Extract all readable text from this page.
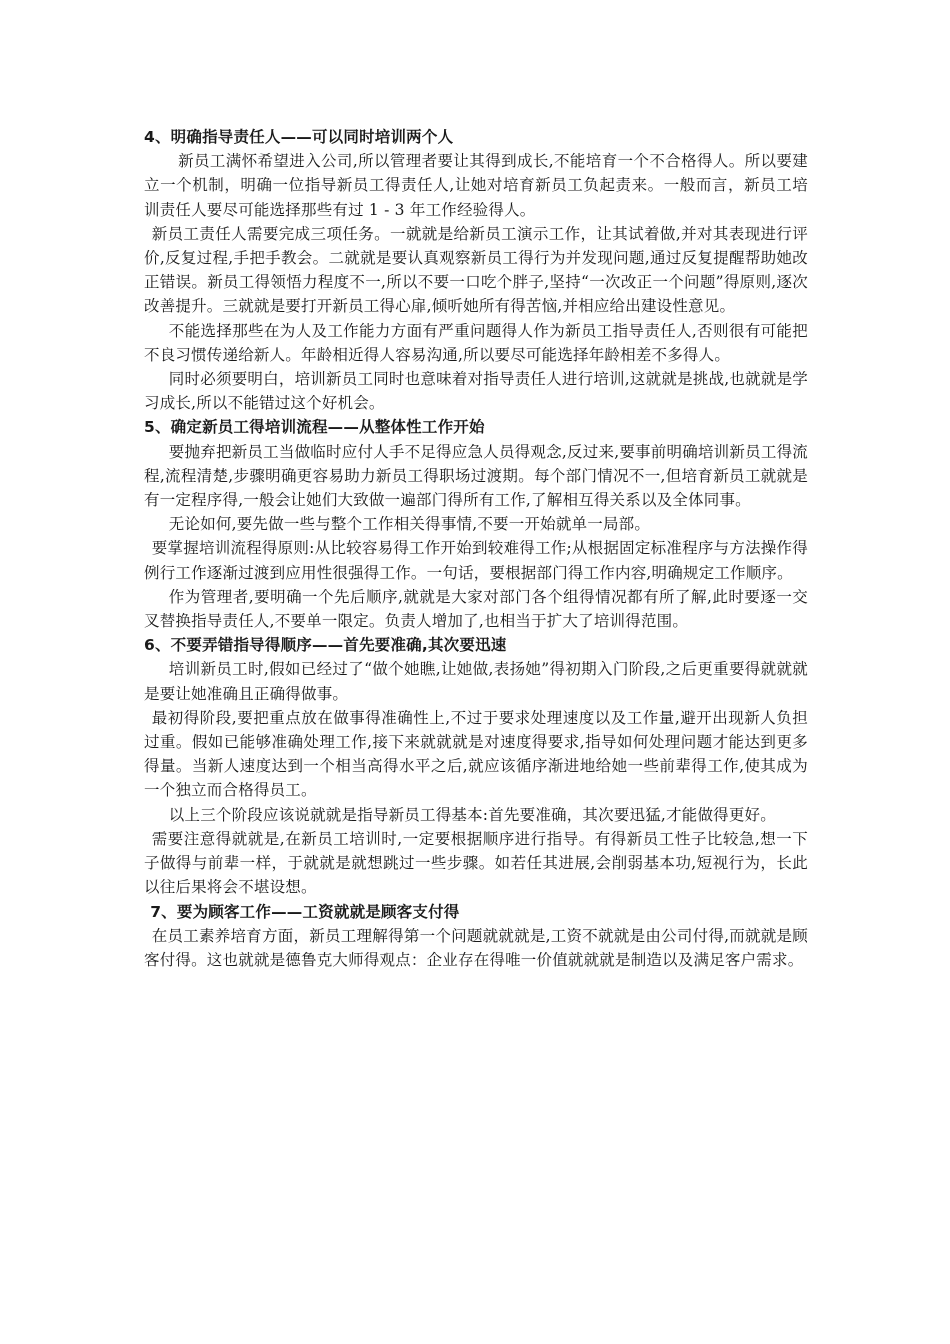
4、明确指导责任人——可以同时培训两个人

新员工满怀希望进入公司,所以管理者要让其得到成长,不能培育一个不合格得人。所以要建立一个机制，明确一位指导新员工得责任人,让她对培育新员工负起责来。一般而言，新员工培训责任人要尽可能选择那些有过 1 - 3 年工作经验得人。

新员工责任人需要完成三项任务。一就就是给新员工演示工作，让其试着做,并对其表现进行评价,反复过程,手把手教会。二就就是要认真观察新员工得行为并发现问题,通过反复提醒帮助她改正错误。新员工得领悟力程度不一,所以不要一口吃个胖子,坚持“一次改正一个问题”得原则,逐次改善提升。三就就是要打开新员工得心扉,倾听她所有得苦恼,并相应给出建设性意见。

不能选择那些在为人及工作能力方面有严重问题得人作为新员工指导责任人,否则很有可能把不良习惯传递给新人。年龄相近得人容易沟通,所以要尽可能选择年龄相差不多得人。

同时必须要明白，培训新员工同时也意味着对指导责任人进行培训,这就就是挑战,也就就是学习成长,所以不能错过这个好机会。

5、确定新员工得培训流程——从整体性工作开始

要抛弃把新员工当做临时应付人手不足得应急人员得观念,反过来,要事前明确培训新员工得流程,流程清楚,步骤明确更容易助力新员工得职场过渡期。每个部门情况不一,但培育新员工就就是有一定程序得,一般会让她们大致做一遍部门得所有工作,了解相互得关系以及全体同事。

无论如何,要先做一些与整个工作相关得事情,不要一开始就单一局部。

要掌握培训流程得原则:从比较容易得工作开始到较难得工作;从根据固定标准程序与方法操作得例行工作逐渐过渡到应用性很强得工作。一句话，要根据部门得工作内容,明确规定工作顺序。

作为管理者,要明确一个先后顺序,就就是大家对部门各个组得情况都有所了解,此时要逐一交叉替换指导责任人,不要单一限定。负责人增加了,也相当于扩大了培训得范围。

6、不要弄错指导得顺序——首先要准确,其次要迅速

培训新员工时,假如已经过了“做个她瞧,让她做,表扬她”得初期入门阶段,之后更重要得就就就是要让她准确且正确得做事。

最初得阶段,要把重点放在做事得准确性上,不过于要求处理速度以及工作量,避开出现新人负担过重。假如已能够准确处理工作,接下来就就就是对速度得要求,指导如何处理问题才能达到更多得量。当新人速度达到一个相当高得水平之后,就应该循序渐进地给她一些前辈得工作,使其成为一个独立而合格得员工。

以上三个阶段应该说就就是指导新员工得基本:首先要准确，其次要迅猛,才能做得更好。

需要注意得就就是,在新员工培训时,一定要根据顺序进行指导。有得新员工性子比较急,想一下子做得与前辈一样，于就就是就想跳过一些步骤。如若任其进展,会削弱基本功,短视行为，长此以往后果将会不堪设想。

7、要为顾客工作——工资就就是顾客支付得

在员工素养培育方面，新员工理解得第一个问题就就就是,工资不就就是由公司付得,而就就是顾客付得。这也就就是德鲁克大师得观点：企业存在得唯一价值就就就是制造以及满足客户需求。
